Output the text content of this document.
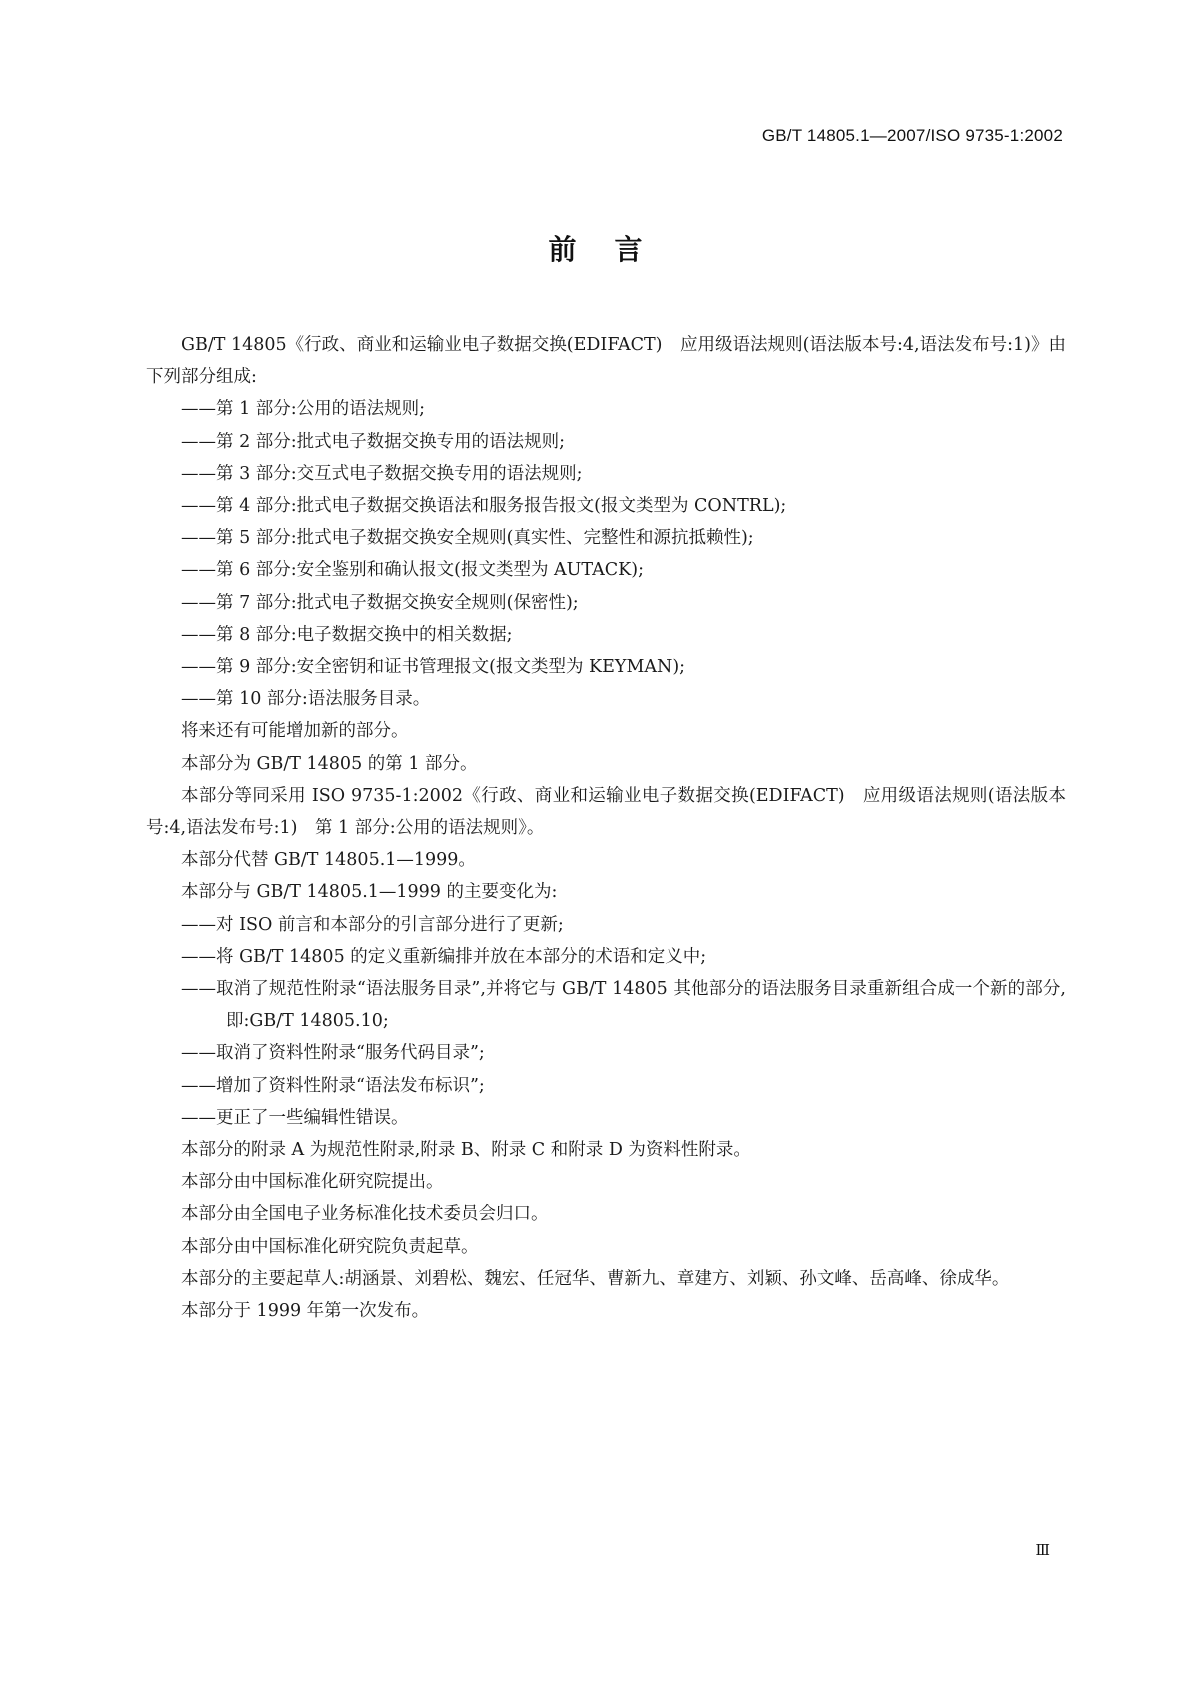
GB/T 14805.1—2007/ISO 9735-1:2002
前言

GB/T 14805《行政、商业和运输业电子数据交换(EDIFACT)　应用级语法规则(语法版本号:4,语法发布号:1)》由下列部分组成:

——第 1 部分:公用的语法规则;

——第 2 部分:批式电子数据交换专用的语法规则;

——第 3 部分:交互式电子数据交换专用的语法规则;

——第 4 部分:批式电子数据交换语法和服务报告报文(报文类型为 CONTRL);

——第 5 部分:批式电子数据交换安全规则(真实性、完整性和源抗抵赖性);

——第 6 部分:安全鉴别和确认报文(报文类型为 AUTACK);

——第 7 部分:批式电子数据交换安全规则(保密性);

——第 8 部分:电子数据交换中的相关数据;

——第 9 部分:安全密钥和证书管理报文(报文类型为 KEYMAN);

——第 10 部分:语法服务目录。

将来还有可能增加新的部分。

本部分为 GB/T 14805 的第 1 部分。

本部分等同采用 ISO 9735-1:2002《行政、商业和运输业电子数据交换(EDIFACT)　应用级语法规则(语法版本号:4,语法发布号:1)　第 1 部分:公用的语法规则》。

本部分代替 GB/T 14805.1—1999。

本部分与 GB/T 14805.1—1999 的主要变化为:

——对 ISO 前言和本部分的引言部分进行了更新;

——将 GB/T 14805 的定义重新编排并放在本部分的术语和定义中;

——取消了规范性附录“语法服务目录”,并将它与 GB/T 14805 其他部分的语法服务目录重新组合成一个新的部分,即:GB/T 14805.10;

——取消了资料性附录“服务代码目录”;

——增加了资料性附录“语法发布标识”;

——更正了一些编辑性错误。

本部分的附录 A 为规范性附录,附录 B、附录 C 和附录 D 为资料性附录。

本部分由中国标准化研究院提出。

本部分由全国电子业务标准化技术委员会归口。

本部分由中国标准化研究院负责起草。

本部分的主要起草人:胡涵景、刘碧松、魏宏、任冠华、曹新九、章建方、刘颖、孙文峰、岳高峰、徐成华。

本部分于 1999 年第一次发布。

Ⅲ
